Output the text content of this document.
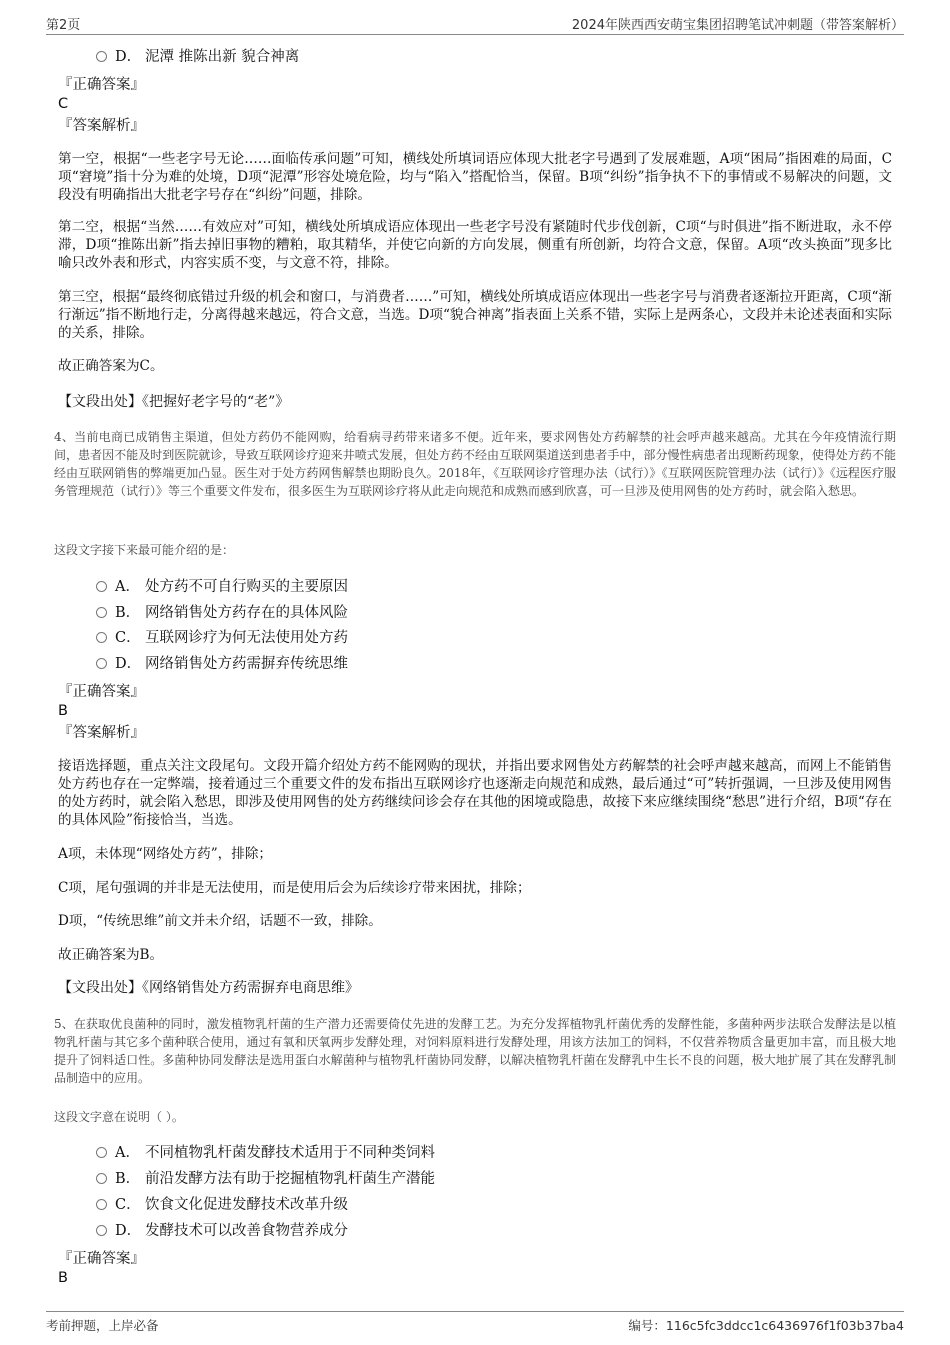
第2页	2024年陕西西安萌宝集团招聘笔试冲刺题（带答案解析）
D． 泥潭 推陈出新 貌合神离
『正确答案』
C
『答案解析』
第一空，根据“一些老字号无论……面临传承问题”可知，横线处所填词语应体现大批老字号遇到了发展难题，A项“困局”指困难的局面，C项“窘境”指十分为难的处境，D项“泥潭”形容处境危险，均与“陷入”搭配恰当，保留。B项“纠纷”指争执不下的事情或不易解决的问题，文段没有明确指出大批老字号存在“纠纷”问题，排除。
第二空，根据“当然……有效应对”可知，横线处所填成语应体现出一些老字号没有紧随时代步伐创新，C项“与时俱进”指不断进取，永不停滞，D项“推陈出新”指去掉旧事物的糟粕，取其精华，并使它向新的方向发展，侧重有所创新，均符合文意，保留。A项“改头换面”现多比喻只改外表和形式，内容实质不变，与文意不符，排除。
第三空，根据“最终彻底错过升级的机会和窗口，与消费者……”可知，横线处所填成语应体现出一些老字号与消费者逐渐拉开距离，C项“渐行渐远”指不断地行走，分离得越来越远，符合文意，当选。D项“貌合神离”指表面上关系不错，实际上是两条心，文段并未论述表面和实际的关系，排除。
故正确答案为C。
【文段出处】《把握好老字号的“老”》
4、当前电商已成销售主渠道，但处方药仍不能网购，给看病寻药带来诸多不便。近年来，要求网售处方药解禁的社会呼声越来越高。尤其在今年疫情流行期间，患者因不能及时到医院就诊，导致互联网诊疗迎来井喷式发展，但处方药不经由互联网渠道送到患者手中，部分慢性病患者出现断药现象，使得处方药不能经由互联网销售的弊端更加凸显。医生对于处方药网售解禁也期盼良久。2018年，《互联网诊疗管理办法（试行）》《互联网医院管理办法（试行）》《远程医疗服务管理规范（试行）》等三个重要文件发布，很多医生为互联网诊疗将从此走向规范和成熟而感到欣喜，可一旦涉及使用网售的处方药时，就会陷入愁思。
这段文字接下来最可能介绍的是：
A． 处方药不可自行购买的主要原因
B． 网络销售处方药存在的具体风险
C． 互联网诊疗为何无法使用处方药
D． 网络销售处方药需摒弃传统思维
『正确答案』
B
『答案解析』
接语选择题，重点关注文段尾句。文段开篇介绍处方药不能网购的现状，并指出要求网售处方药解禁的社会呼声越来越高，而网上不能销售处方药也存在一定弊端，接着通过三个重要文件的发布指出互联网诊疗也逐渐走向规范和成熟，最后通过“可”转折强调，一旦涉及使用网售的处方药时，就会陷入愁思，即涉及使用网售的处方药继续问诊会存在其他的困境或隐患，故接下来应继续围绕“愁思”进行介绍，B项“存在的具体风险”衔接恰当，当选。
A项，未体现“网络处方药”，排除；
C项，尾句强调的并非是无法使用，而是使用后会为后续诊疗带来困扰，排除；
D项，“传统思维”前文并未介绍，话题不一致，排除。
故正确答案为B。
【文段出处】《网络销售处方药需摒弃电商思维》
5、在获取优良菌种的同时，激发植物乳杆菌的生产潜力还需要倚仗先进的发酵工艺。为充分发挥植物乳杆菌优秀的发酵性能，多菌种两步法联合发酵法是以植物乳杆菌与其它多个菌种联合使用，通过有氧和厌氧两步发酵处理，对饲料原料进行发酵处理，用该方法加工的饲料，不仅营养物质含量更加丰富，而且极大地提升了饲料适口性。多菌种协同发酵法是选用蛋白水解菌种与植物乳杆菌协同发酵，以解决植物乳杆菌在发酵乳中生长不良的问题，极大地扩展了其在发酵乳制品制造中的应用。
这段文字意在说明（ ）。
A． 不同植物乳杆菌发酵技术适用于不同种类饲料
B． 前沿发酵方法有助于挖掘植物乳杆菌生产潜能
C． 饮食文化促进发酵技术改革升级
D． 发酵技术可以改善食物营养成分
『正确答案』
B
考前押题，上岸必备	编号：116c5fc3ddcc1c6436976f1f03b37ba4
